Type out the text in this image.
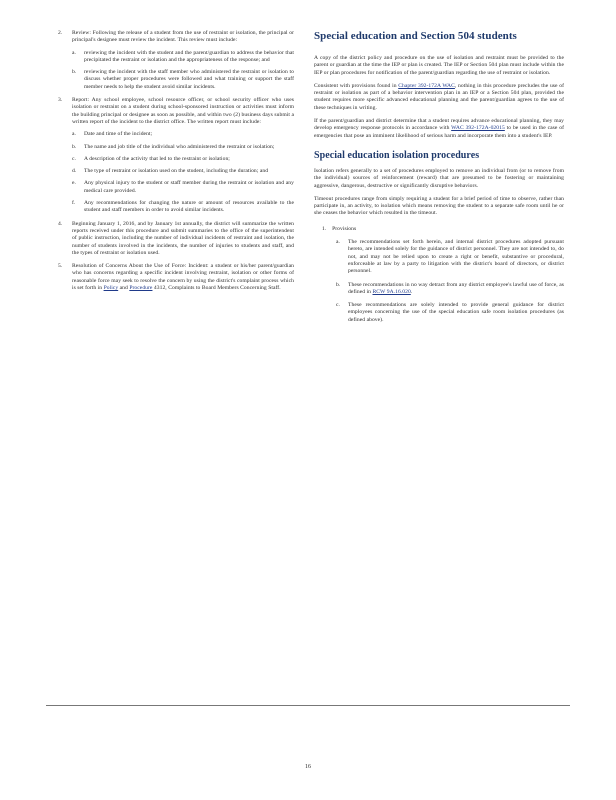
2. Review: Following the release of a student from the use of restraint or isolation, the principal or principal's designee must review the incident. This review must include:
a. reviewing the incident with the student and the parent/guardian to address the behavior that precipitated the restraint or isolation and the appropriateness of the response; and
b. reviewing the incident with the staff member who administered the restraint or isolation to discuss whether proper procedures were followed and what training or support the staff member needs to help the student avoid similar incidents.
3. Report: Any school employee, school resource officer, or school security officer who uses isolation or restraint on a student during school-sponsored instruction or activities must inform the building principal or designee as soon as possible, and within two (2) business days submit a written report of the incident to the district office. The written report must include:
a. Date and time of the incident;
b. The name and job title of the individual who administered the restraint or isolation;
c. A description of the activity that led to the restraint or isolation;
d. The type of restraint or isolation used on the student, including the duration; and
e. Any physical injury to the student or staff member during the restraint or isolation and any medical care provided.
f. Any recommendations for changing the nature or amount of resources available to the student and staff members in order to avoid similar incidents.
4. Beginning January 1, 2016, and by January 1st annually, the district will summarize the written reports received under this procedure and submit summaries to the office of the superintendent of public instruction, including the number of individual incidents of restraint and isolation, the number of students involved in the incidents, the number of injuries to students and staff, and the types of restraint or isolation used.
5. Resolution of Concerns About the Use of Force: Incident: a student or his/her parent/guardian who has concerns regarding a specific incident involving restraint, isolation or other forms of reasonable force may seek to resolve the concern by using the district's complaint process which is set forth in Policy and Procedure 4312, Complaints to Board Members Concerning Staff.
Special education and Section 504 students

A copy of the district policy and procedure on the use of isolation and restraint must be provided to the parent or guardian at the time the IEP or plan is created. The IEP or Section 504 plan must include within the IEP or plan procedures for notification of the parent/guardian regarding the use of restraint or isolation.

Consistent with provisions found in Chapter 392-172A WAC, nothing in this procedure precludes the use of restraint or isolation as part of a behavior intervention plan in an IEP or a Section 504 plan, provided the student requires more specific advanced educational planning and the parent/guardian agrees to the use of these techniques in writing.

If the parent/guardian and district determine that a student requires advance educational planning, they may develop emergency response protocols in accordance with WAC 392-172A-02015 to be used in the case of emergencies that pose an imminent likelihood of serious harm and incorporate them into a student's IEP.

Special education isolation procedures

Isolation refers generally to a set of procedures employed to remove an individual from (or to remove from the individual) sources of reinforcement (reward) that are presumed to be fostering or maintaining aggressive, dangerous, destructive or significantly disruptive behaviors.

Timeout procedures range from simply requiring a student for a brief period of time to observe, rather than participate in, an activity, to isolation which means removing the student to a separate safe room until he or she ceases the behavior which resulted in the timeout.

1. Provisions
a. The recommendations set forth herein, and internal district procedures adopted pursuant hereto, are intended solely for the guidance of district personnel. They are not intended to, do not, and may not be relied upon to create a right or benefit, substantive or procedural, enforceable at law by a party to litigation with the district's board of directors, or district personnel.
b. These recommendations in no way detract from any district employee's lawful use of force, as defined in RCW 9A.16.020.
c. These recommendations are solely intended to provide general guidance for district employees concerning the use of the special education safe room isolation procedures (as defined above).
16
